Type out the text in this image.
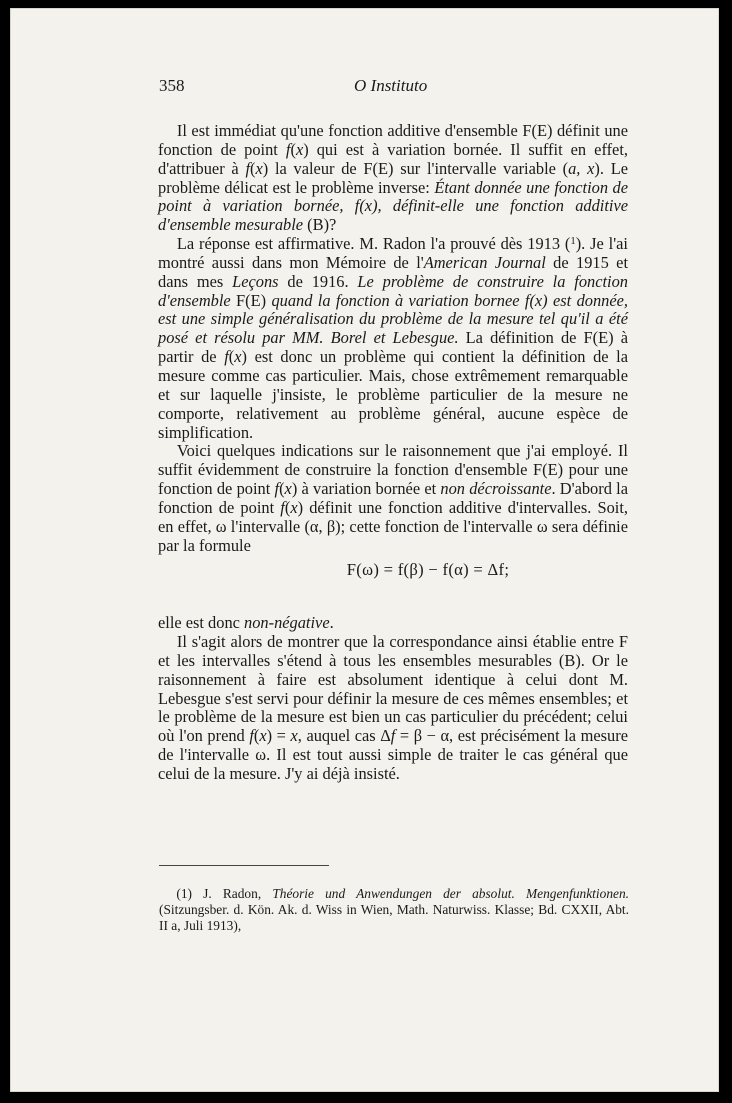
358	O Instituto

Il est immédiat qu'une fonction additive d'ensemble F(E) définit une fonction de point f(x) qui est à variation bornée. Il suffit en effet, d'attribuer à f(x) la valeur de F(E) sur l'intervalle variable (a, x). Le problème délicat est le problème inverse: Étant donnée une fonction de point à variation bornée, f(x), définit-elle une fonction additive d'ensemble mesurable (B)?

La réponse est affirmative. M. Radon l'a prouvé dès 1913 ($^1$). Je l'ai montré aussi dans mon Mémoire de l'American Journal de 1915 et dans mes Leçons de 1916. Le problème de construire la fonction d'ensemble F(E) quand la fonction à variation bornee f(x) est donnée, est une simple généralisation du problème de la mesure tel qu'il a été posé et résolu par MM. Borel et Lebesgue. La définition de F(E) à partir de f(x) est donc un problème qui contient la définition de la mesure comme cas particulier. Mais, chose extrêmement remarquable et sur laquelle j'insiste, le problème particulier de la mesure ne comporte, relativement au problème général, aucune espèce de simplification.

Voici quelques indications sur le raisonnement que j'ai employé. Il suffit évidemment de construire la fonction d'ensemble F(E) pour une fonction de point f(x) à variation bornée et non décroissante. D'abord la fonction de point f(x) définit une fonction additive d'intervalles. Soit, en effet, ω l'intervalle (α, β); cette fonction de l'intervalle ω sera définie par la formule

F(ω) = f(β) − f(α) = Δf;

elle est donc non-négative.

Il s'agit alors de montrer que la correspondance ainsi établie entre F et les intervalles s'étend à tous les ensembles mesurables (B). Or le raisonnement à faire est absolument identique à celui dont M. Lebesgue s'est servi pour définir la mesure de ces mêmes ensembles; et le problème de la mesure est bien un cas particulier du précédent; celui où l'on prend f(x) = x, auquel cas Δf = β − α, est précisément la mesure de l'intervalle ω. Il est tout aussi simple de traiter le cas général que celui de la mesure. J'y ai déjà insisté.

(1) J. Radon, Théorie und Anwendungen der absolut. Mengenfunktionen. (Sitzungsber. d. Kön. Ak. d. Wiss in Wien, Math. Naturwiss. Klasse; Bd. CXXII, Abt. II a, Juli 1913),
